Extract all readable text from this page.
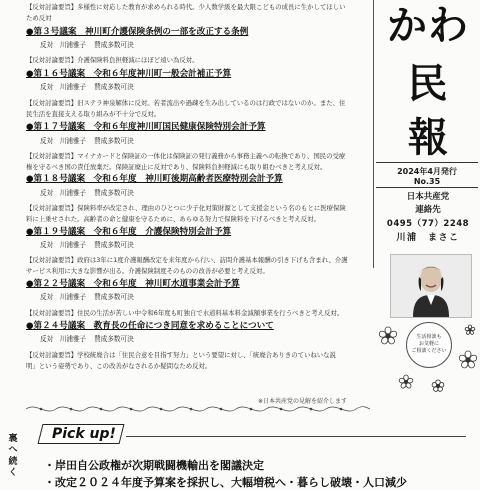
【反対討論要旨】多様性に対応した教育が求められる時代。少人数学級を最大限こどもの成長に生かしてほしい
ため反対
●第３号議案　神川町介護保険条例の一部を改正する条例
反対　川浦雅子 賛成多数可決
【反対討論要旨】介護保険料負担軽減にほぼど遠い為反対。
●第１６号議案　令和６年度神川町一般会計補正予算
反対　川浦雅子 賛成多数可決
【反対討論要旨】旧ステラ神泉解体に反対。若者流出や過疎を生み出しているのは行政ではないのか。また、住
民生活を直接支える取り組みが不十分で反対。
●第１７号議案　令和６年度神川町国民健康保険特別会計予算
反対　川浦雅子 賛成多数可決
【反対討論要旨】マイナカードと保険証の一体化は保険証の発行義務から事務主義への転換であり、国民の受療
権を守るべき国の責任放棄だ。保険証廃止に反対であり、保険料負担軽減にも取り組むべきと考え反対。
●第１８号議案　令和６年度　神川町後期高齢者医療特別会計予算
反対　川浦雅子 賛成多数可決
【反対討論要旨】保険料率が改定され、理由のひとつに少子化対策財源として支援金という名のもとに医療保険
料に上乗せされた。高齢者の命と健康を守るために、あらゆる努力で保険料を下げるべきと考え反対。
●第１９号議案　令和６年度　介護保険特別会計予算
反対　川浦雅子 賛成多数可決
【反対討論要旨】政府は3年に1度介護報酬改定を来年度から行い、訪問介護基本報酬の引き下げも含まれ、介護
サービス利用に大きな影響が出る。介護保険制度そのものの改善が必要と考え反対。
●第２２号議案　令和６年度　神川町水道事業会計予算
反対　川浦雅子 賛成多数可決
【反対討論要旨】住民の生活が苦しい中令和6年度も町独自で水道料基本料金減額事業を行うべきと考え反対。
●第２４号議案　教育長の任命につき同意を求めることについて
反対　川浦雅子 賛成多数可決
【反対討論要旨】学校統廃合は「住民合意を目指す努力」という要望に対し、「統廃合ありきのていねいな説
明」という姿勢であり、この改善がなされるか疑問なため反対。
かわ
民
報
2024年4月発行
No.35
日本共産党
連絡先
0495（77）2248
川浦　まさこ
生活相談も
お気軽に
ご相談ください
※日本共産党の見解を紹介します
裏へ続く
Pick up!
・岸田自公政権が次期戦闘機輸出を閣議決定
・改定２０２４年度予算案を採択し、大幅増税へ・暮らし破壊・人口減少
